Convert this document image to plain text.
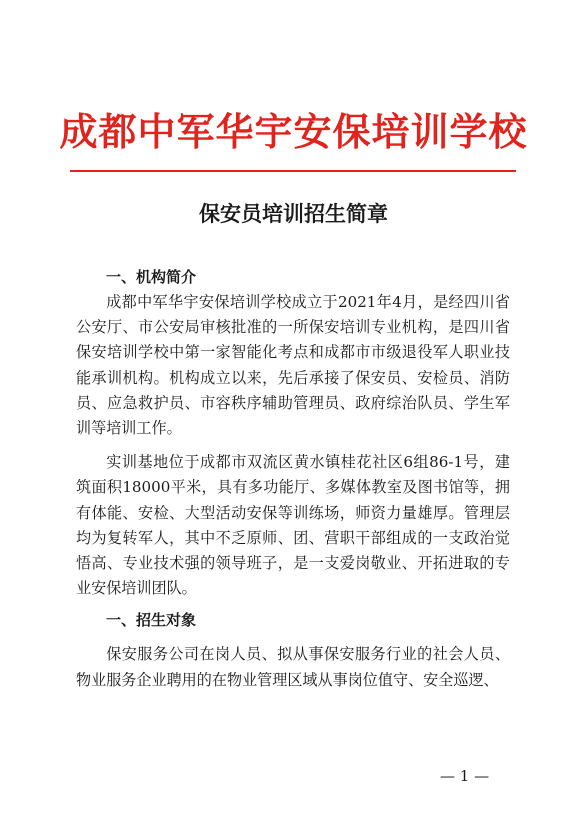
成都中军华宇安保培训学校
保安员培训招生简章

一、机构简介

成都中军华宇安保培训学校成立于2021年4月，是经四川省公安厅、市公安局审核批准的一所保安培训专业机构，是四川省保安培训学校中第一家智能化考点和成都市市级退役军人职业技能承训机构。机构成立以来，先后承接了保安员、安检员、消防员、应急救护员、市容秩序辅助管理员、政府综治队员、学生军训等培训工作。

实训基地位于成都市双流区黄水镇桂花社区6组86-1号，建筑面积18000平米，具有多功能厅、多媒体教室及图书馆等，拥有体能、安检、大型活动安保等训练场，师资力量雄厚。管理层均为复转军人，其中不乏原师、团、营职干部组成的一支政治觉悟高、专业技术强的领导班子，是一支爱岗敬业、开拓进取的专业安保培训团队。

一、招生对象

保安服务公司在岗人员、拟从事保安服务行业的社会人员、物业服务企业聘用的在物业管理区域从事岗位值守、安全巡逻、

— 1 —
